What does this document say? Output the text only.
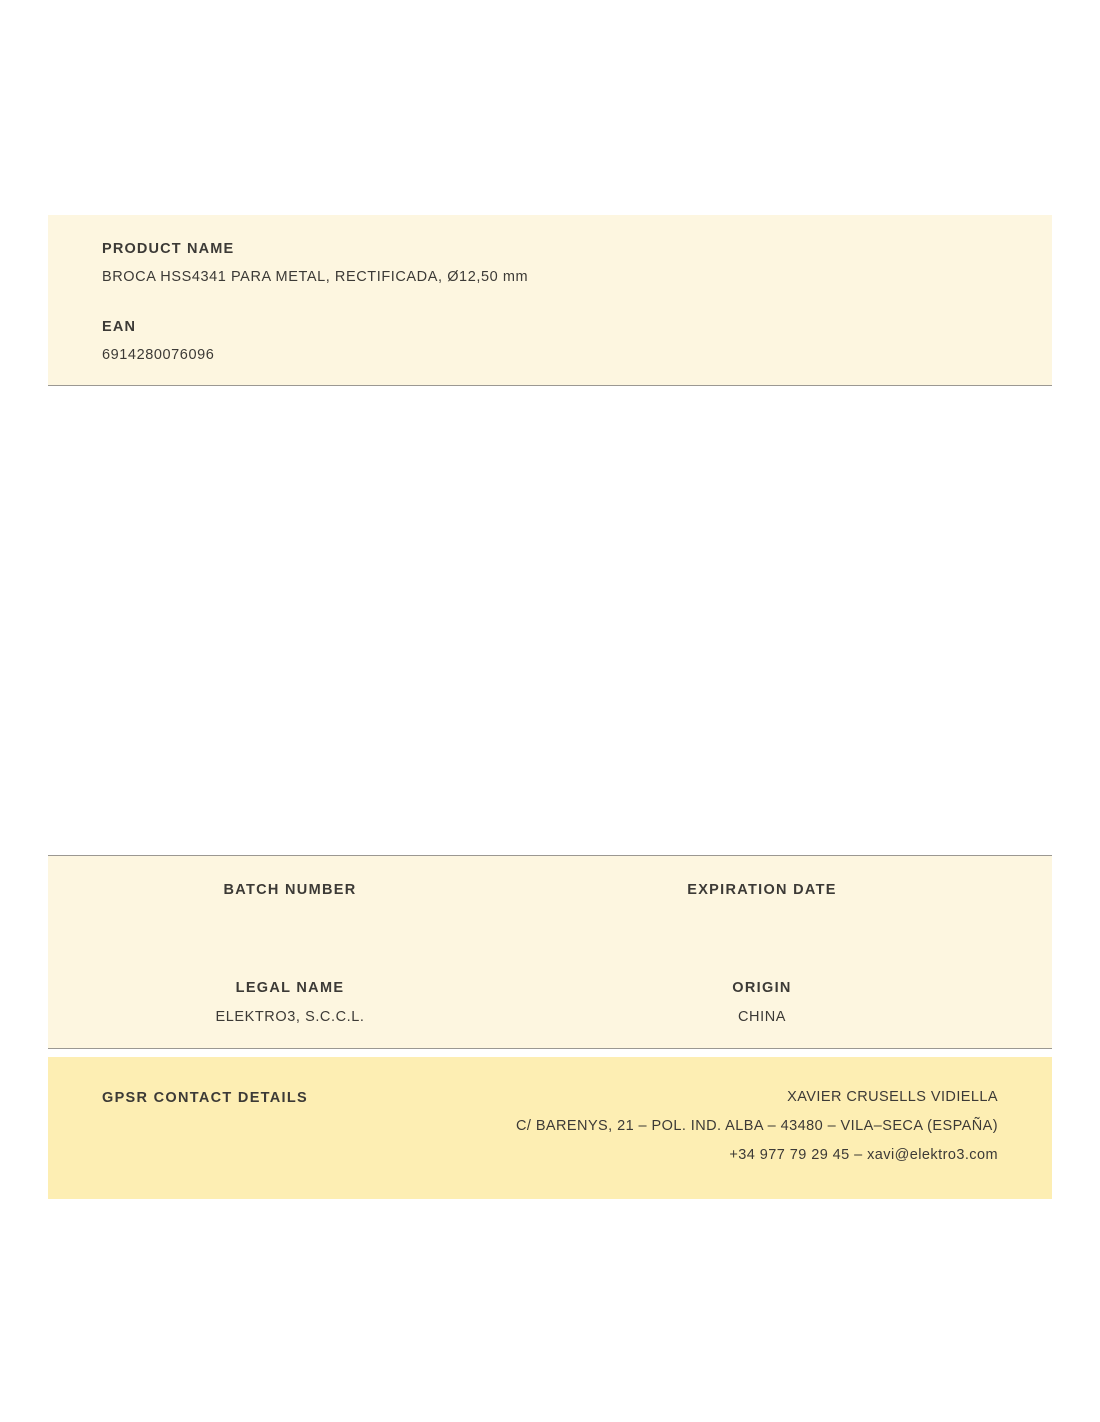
PRODUCT NAME
BROCA HSS4341 PARA METAL, RECTIFICADA, Ø12,50 mm
EAN
6914280076096
BATCH NUMBER	EXPIRATION DATE
LEGAL NAME
ELEKTRO3, S.C.C.L.
ORIGIN
CHINA
GPSR CONTACT DETAILS	XAVIER CRUSELLS VIDIELLA
C/ BARENYS, 21 – POL. IND. ALBA – 43480 – VILA–SECA (ESPAÑA)
+34 977 79 29 45 – xavi@elektro3.com
